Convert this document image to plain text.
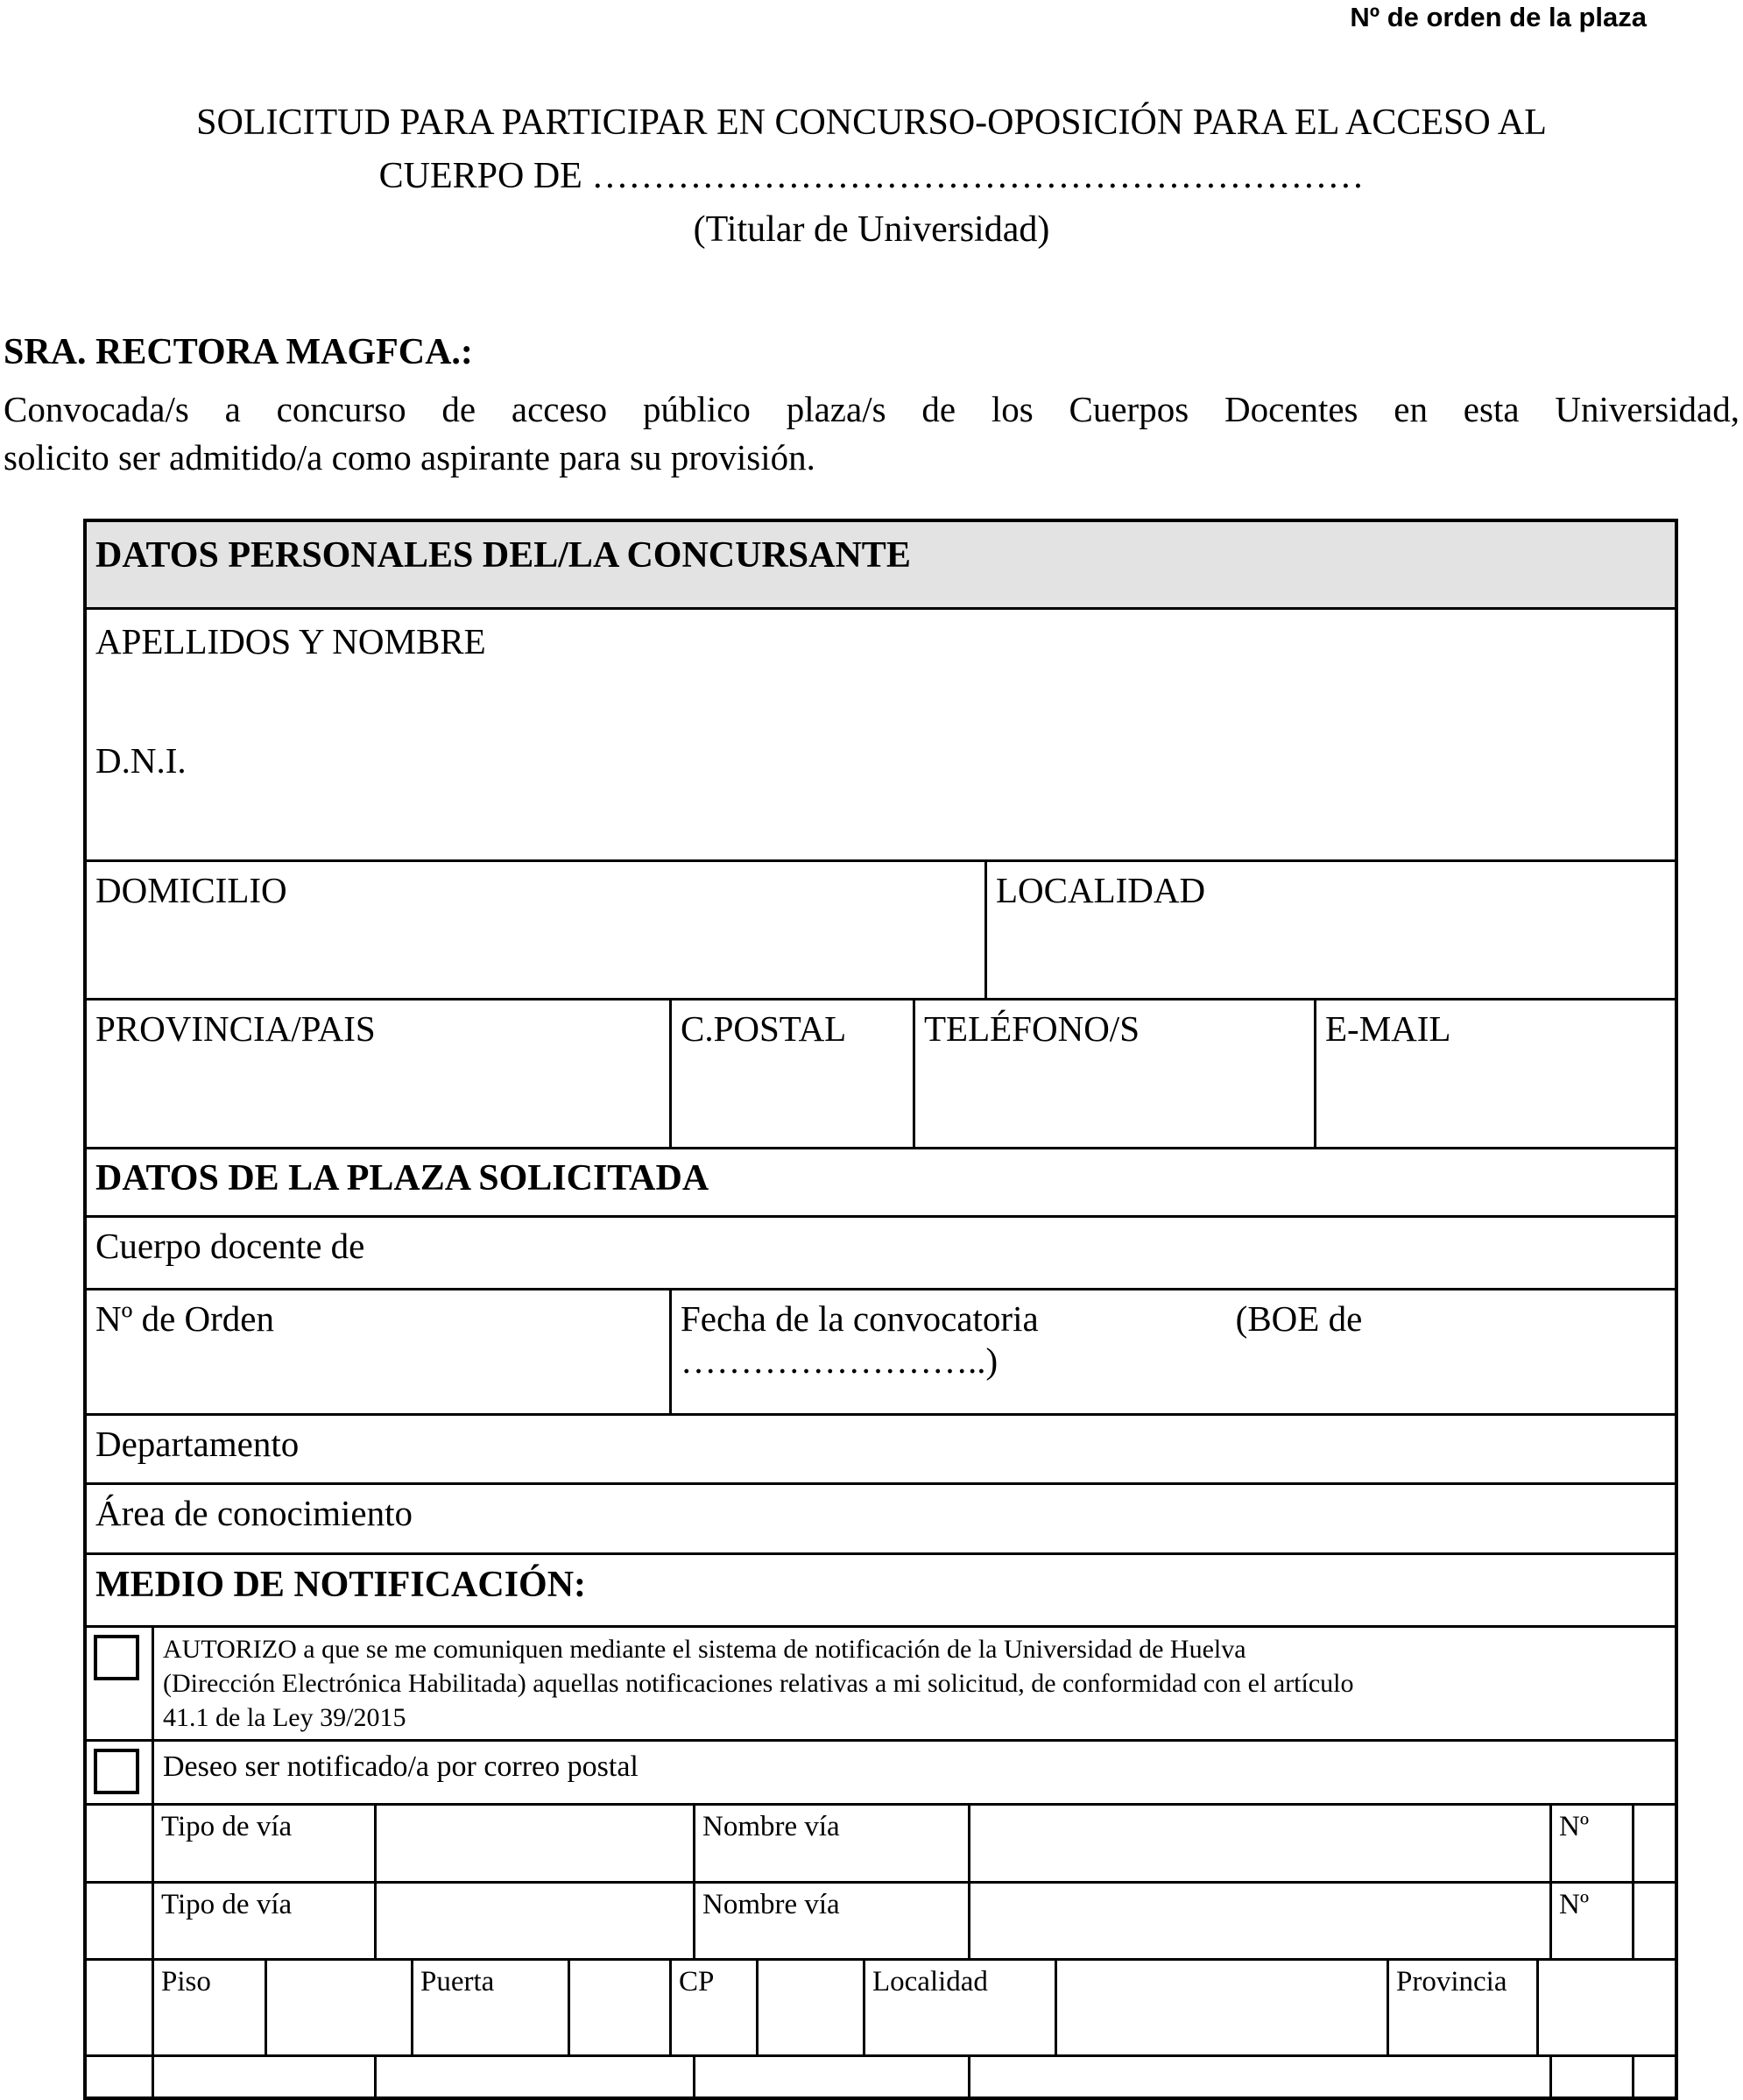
Nº de orden de la plaza
SOLICITUD PARA PARTICIPAR EN CONCURSO-OPOSICIÓN PARA EL ACCESO AL
CUERPO DE ………………………………………………………
(Titular de Universidad)
SRA. RECTORA MAGFCA.:
Convocada/s a concurso de acceso público plaza/s de los Cuerpos Docentes en esta Universidad,
solicito ser admitido/a como aspirante para su provisión.
DATOS PERSONALES DEL/LA CONCURSANTE
APELLIDOS Y NOMBRE
D.N.I.
DOMICILIO	LOCALIDAD
PROVINCIA/PAIS	C.POSTAL	TELÉFONO/S	E-MAIL
DATOS DE LA PLAZA SOLICITADA
Cuerpo docente de
Nº de Orden	Fecha de la convocatoria	(BOE de
……………………..)
Departamento
Área de conocimiento
MEDIO DE NOTIFICACIÓN:
AUTORIZO a que se me comuniquen mediante el sistema de notificación de la Universidad de Huelva
(Dirección Electrónica Habilitada) aquellas notificaciones relativas a mi solicitud, de conformidad con el artículo
41.1 de la Ley 39/2015
Deseo ser notificado/a por correo postal
Tipo de vía	Nombre vía	Nº
Tipo de vía	Nombre vía	Nº
Piso	Puerta	CP	Localidad	Provincia
